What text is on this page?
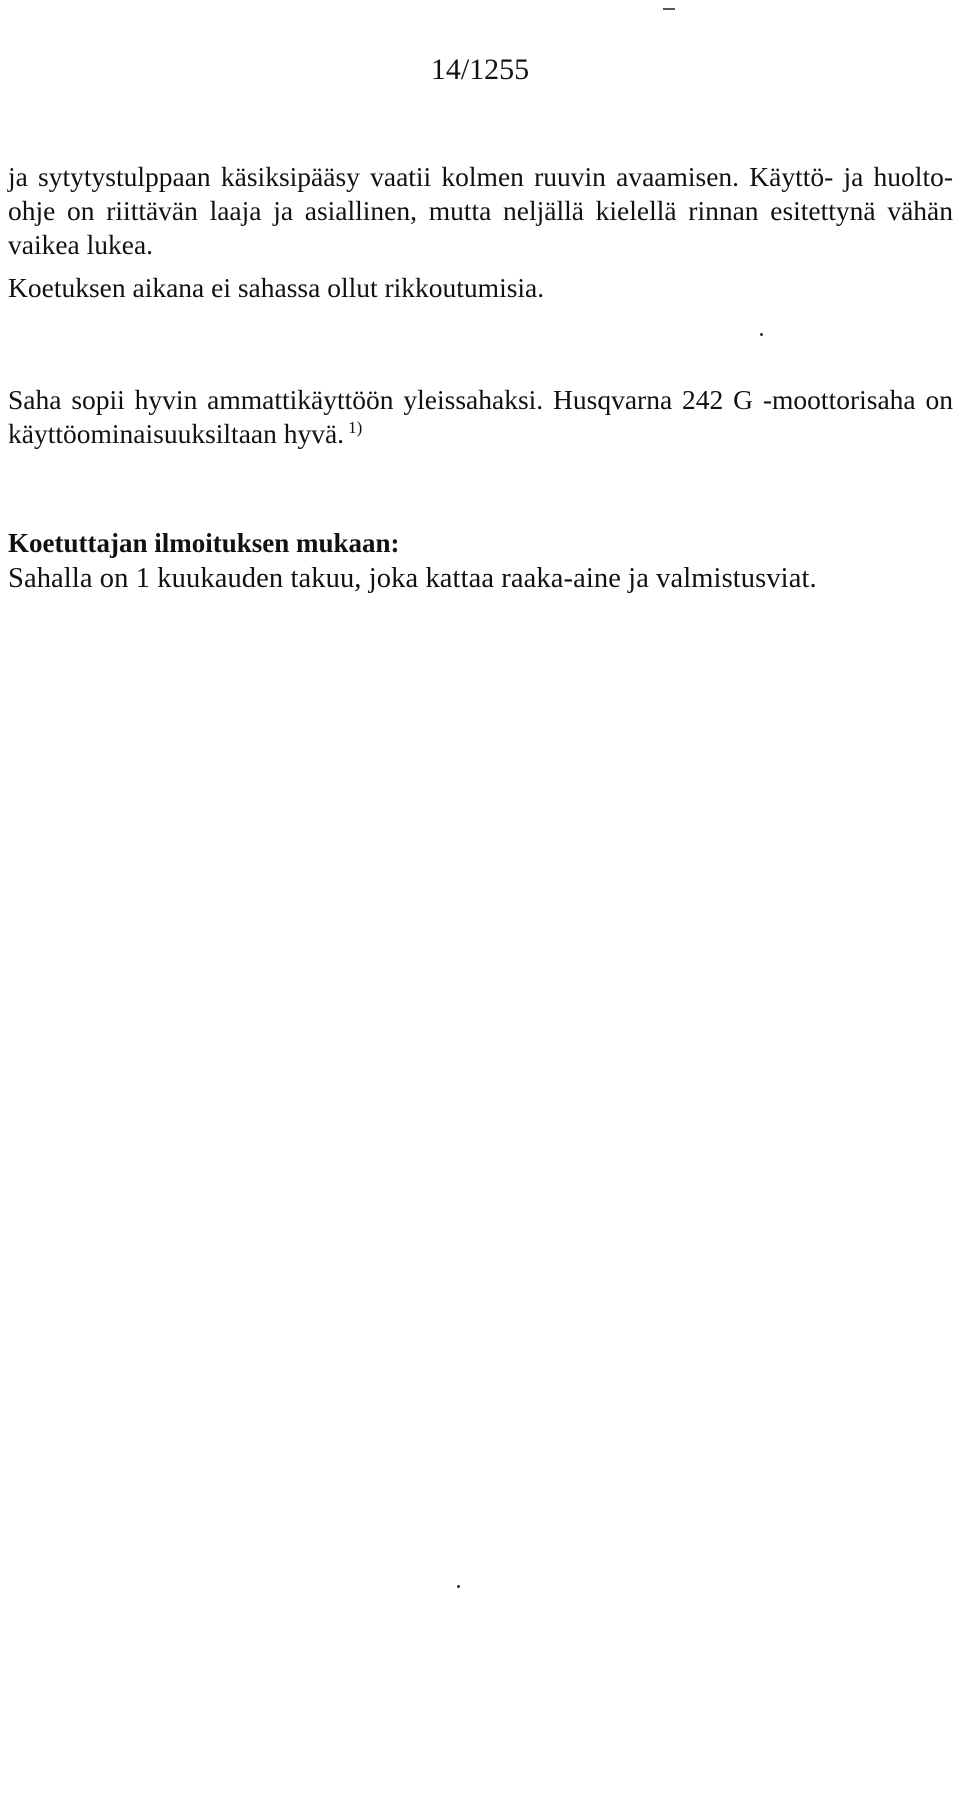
14/1255

ja sytytystulppaan käsiksipääsy vaatii kolmen ruuvin avaamisen. Käyttö- ja huolto-ohje on riittävän laaja ja asiallinen, mutta neljällä kielellä rinnan esitettynä vähän vaikea lukea.

Koetuksen aikana ei sahassa ollut rikkoutumisia.

Saha sopii hyvin ammattikäyttöön yleissahaksi. Husqvarna 242 G -moottorisaha on käyttöominaisuuksiltaan hyvä. $^{1)}$

Koetuttajan ilmoituksen mukaan:
Sahalla on 1 kuukauden takuu, joka kattaa raaka-aine ja valmistusviat.
